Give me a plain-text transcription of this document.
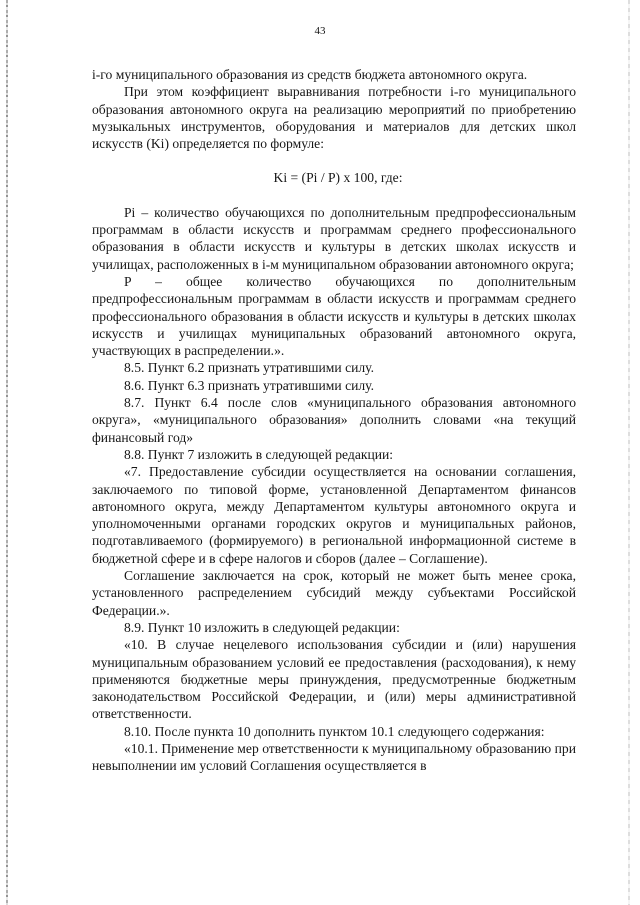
43

i-го муниципального образования из средств бюджета автономного округа.

При этом коэффициент выравнивания потребности i-го муниципального образования автономного округа на реализацию мероприятий по приобретению музыкальных инструментов, оборудования и материалов для детских школ искусств (Ki) определяется по формуле:

Ki = (Pi / P) х 100, где:

Pi – количество обучающихся по дополнительным предпрофессиональным программам в области искусств и программам среднего профессионального образования в области искусств и культуры в детских школах искусств и училищах, расположенных в i-м муниципальном образовании автономного округа;

P – общее количество обучающихся по дополнительным предпрофессиональным программам в области искусств и программам среднего профессионального образования в области искусств и культуры в детских школах искусств и училищах муниципальных образований автономного округа, участвующих в распределении.».

8.5. Пункт 6.2 признать утратившими силу.

8.6. Пункт 6.3 признать утратившими силу.

8.7. Пункт 6.4 после слов «муниципального образования автономного округа», «муниципального образования» дополнить словами «на текущий финансовый год»

8.8. Пункт 7 изложить в следующей редакции:

«7. Предоставление субсидии осуществляется на основании соглашения, заключаемого по типовой форме, установленной Департаментом финансов автономного округа, между Департаментом культуры автономного округа и уполномоченными органами городских округов и муниципальных районов, подготавливаемого (формируемого) в региональной информационной системе в бюджетной сфере и в сфере налогов и сборов (далее – Соглашение).

Соглашение заключается на срок, который не может быть менее срока, установленного распределением субсидий между субъектами Российской Федерации.».

8.9. Пункт 10 изложить в следующей редакции:

«10. В случае нецелевого использования субсидии и (или) нарушения муниципальным образованием условий ее предоставления (расходования), к нему применяются бюджетные меры принуждения, предусмотренные бюджетным законодательством Российской Федерации, и (или) меры административной ответственности.

8.10. После пункта 10 дополнить пунктом 10.1 следующего содержания:

«10.1. Применение мер ответственности к муниципальному образованию при невыполнении им условий Соглашения осуществляется в
